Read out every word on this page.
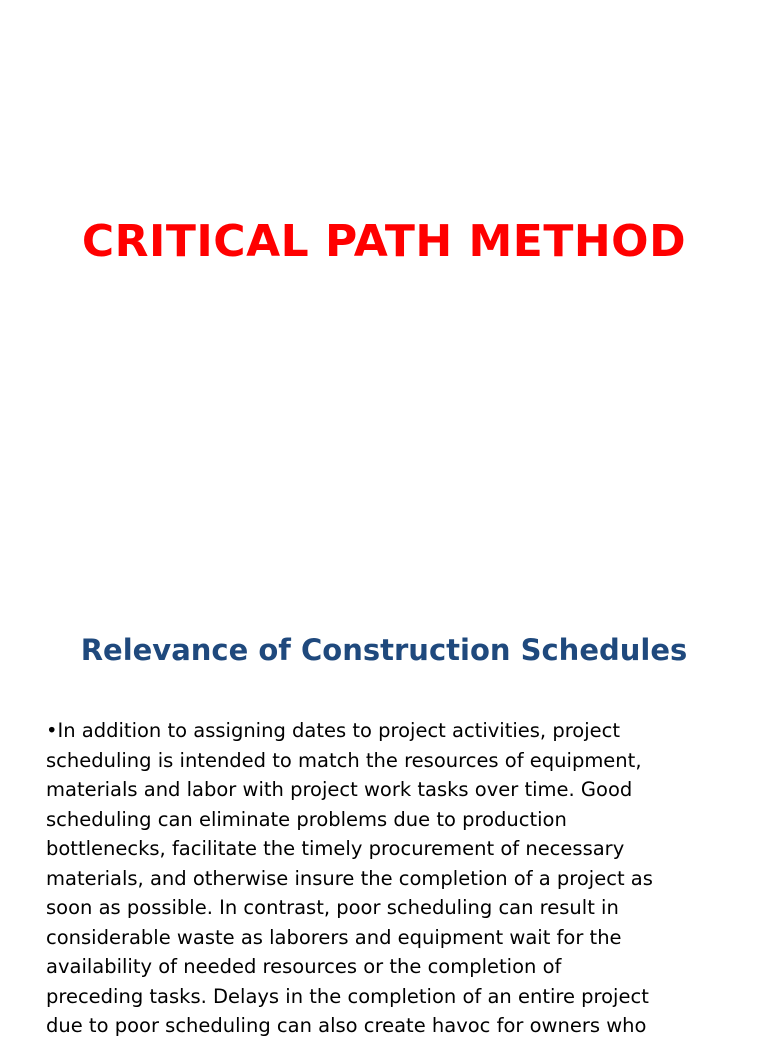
CRITICAL PATH METHOD
Relevance of Construction Schedules

•In addition to assigning dates to project activities, project
scheduling is intended to match the resources of equipment,
materials and labor with project work tasks over time. Good
scheduling can eliminate problems due to production
bottlenecks, facilitate the timely procurement of necessary
materials, and otherwise insure the completion of a project as
soon as possible. In contrast, poor scheduling can result in
considerable waste as laborers and equipment wait for the
availability of needed resources or the completion of
preceding tasks. Delays in the completion of an entire project
due to poor scheduling can also create havoc for owners who
